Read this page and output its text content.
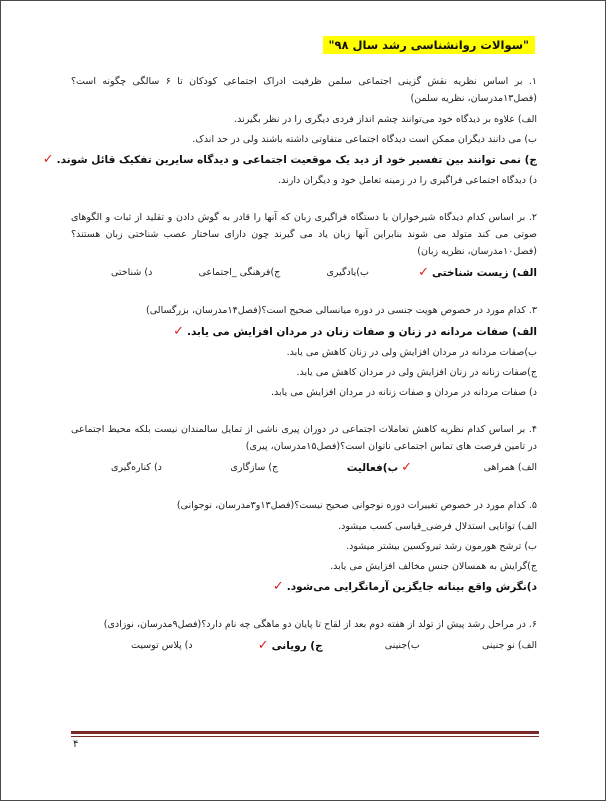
"سوالات روانشناسی رشد سال ۹۸"

۱. بر اساس نظریه نقش گزینی اجتماعی سلمن ظرفیت ادراک اجتماعی کودکان تا ۶ سالگی چگونه است؟(فصل۱۳مدرسان، نظریه سلمن)

الف) علاوه بر دیدگاه خود می‌توانند چشم انداز فردی دیگری را در نظر بگیرند.
ب) می دانند دیگران ممکن است دیدگاه اجتماعی متفاوتی داشته باشند ولی در حد اندک.
ج) نمی توانند بین تفسیر خود از دید یک موقعیت اجتماعی و دیدگاه سایرین تفکیک قائل شوند.✓
د) دیدگاه اجتماعی فراگیری را در زمینه تعامل خود و دیگران دارند.

۲. بر اساس کدام دیدگاه شیرخواران با دستگاه فراگیری زبان که آنها را قادر به گوش دادن و تقلید از ثبات و الگوهای صوتی می کند متولد می شوند بنابراین آنها زبان یاد می گیرند چون دارای ساختار عصب شناختی زبان هستند؟(فصل۱۰مدرسان، نظریه زبان)

الف) زیست شناختی✓
ب)یادگیری
ج)فرهنگی _اجتماعی
د) شناختی

۳. کدام مورد در خصوص هویت جنسی در دوره میانسالی صحیح است؟(فصل۱۴مدرسان، بزرگسالی)

الف) صفات مردانه در زنان و صفات زنان در مردان افزایش می یابد.✓
ب)صفات مردانه در مردان افزایش ولی در زنان کاهش می یابد.
ج)صفات زنانه در زنان افزایش ولی در مردان کاهش می یابد.
د) صفات مردانه در مردان و صفات زنانه در مردان افزایش می یابد.

۴. بر اساس کدام نظریه کاهش تعاملات اجتماعی در دوران پیری ناشی از تمایل سالمندان نیست بلکه محیط اجتماعی در تامین فرصت های تماس اجتماعی ناتوان است؟(فصل۱۵مدرسان، پیری)

الف) همراهی
✓ب)فعالیت
ج) سازگاری
د) کناره‌گیری

۵. کدام مورد در خصوص تغییرات دوره نوجوانی صحیح نیست؟(فصل۱۳و۳مدرسان، نوجوانی)

الف) توانایی استدلال فرضی_قیاسی کسب میشود.
ب) ترشح هورمون رشد تیروکسین بیشتر میشود.
ج)گرایش به همسالان جنس مخالف افزایش می یابد.
د)نگرش واقع بینانه جایگزین آرمانگرایی می‌شود.✓

۶. در مراحل رشد پیش از تولد از هفته دوم بعد از لقاح تا پایان دو ماهگی چه نام دارد؟(فصل۹مدرسان، نوزادی)

الف) نو جنینی
ب)جنینی
ج) رویانی✓
د) پلاس توسیت
۴
